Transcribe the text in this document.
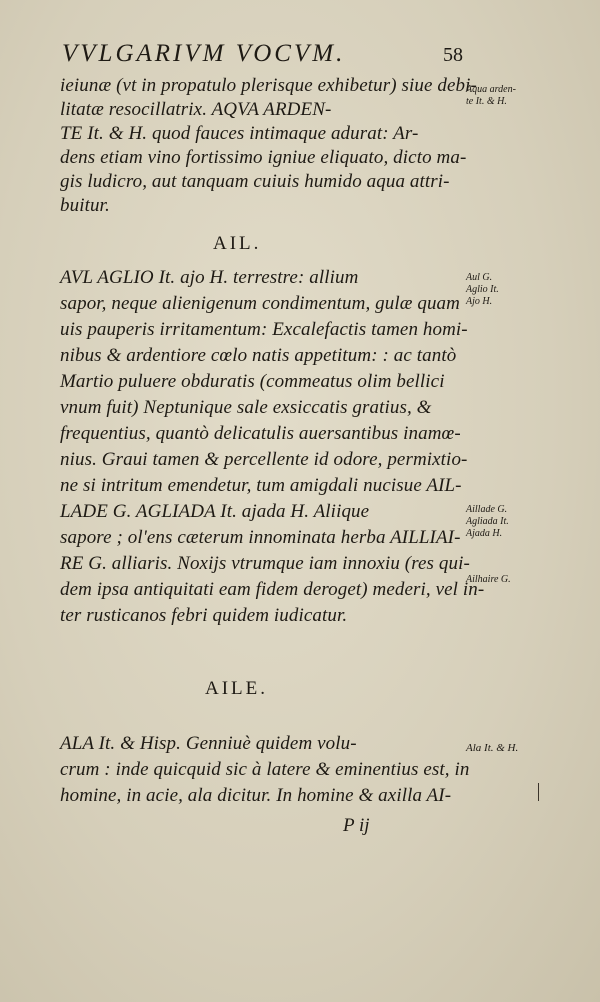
VVLGARIVM VOCVM.	58
ieiunæ (vt in propatulo plerisque exhibetur) siue debi-
litatæ resocillatrix. AQVA ARDEN-
TE It. & H. quod fauces intimaque adurat: Ar-
dens etiam vino fortissimo igniue eliquato, dicto ma-
gis ludicro, aut tanquam cuiuis humido aqua attri-
buitur.
Aqua arden-
te It. & H.
AIL.
AVL AGLIO It. ajo H. terrestre: allium
sapor, neque alienigenum condimentum, gulæ quam
uis pauperis irritamentum: Excalefactis tamen homi-
nibus & ardentiore cœlo natis appetitum: : ac tantò
Martio puluere obduratis (commeatus olim bellici
vnum fuit) Neptunique sale exsiccatis gratius, &
frequentius, quantò delicatulis auersantibus inamœ-
nius. Graui tamen & percellente id odore, permixtio-
ne si intritum emendetur, tum amigdali nucisue AIL-
LADE G. AGLIADA It. ajada H. Aliique
sapore ; ol'ens cæterum innominata herba AILLIAI-
RE G. alliaris. Noxijs vtrumque iam innoxiu (res qui-
dem ipsa antiquitati eam fidem deroget) mederi, vel in-
ter rusticanos febri quidem iudicatur.
Aul G.
Aglio It.
Ajo H.
Aillade G.
Agliada It.
Ajada H.
Ailhaire G.
AILE.
ALA It. & Hisp. Genniuè quidem volu-
crum : inde quicquid sic à latere & eminentius est, in
homine, in acie, ala dicitur. In homine & axilla AI-
Ala It. & H.
P ij
